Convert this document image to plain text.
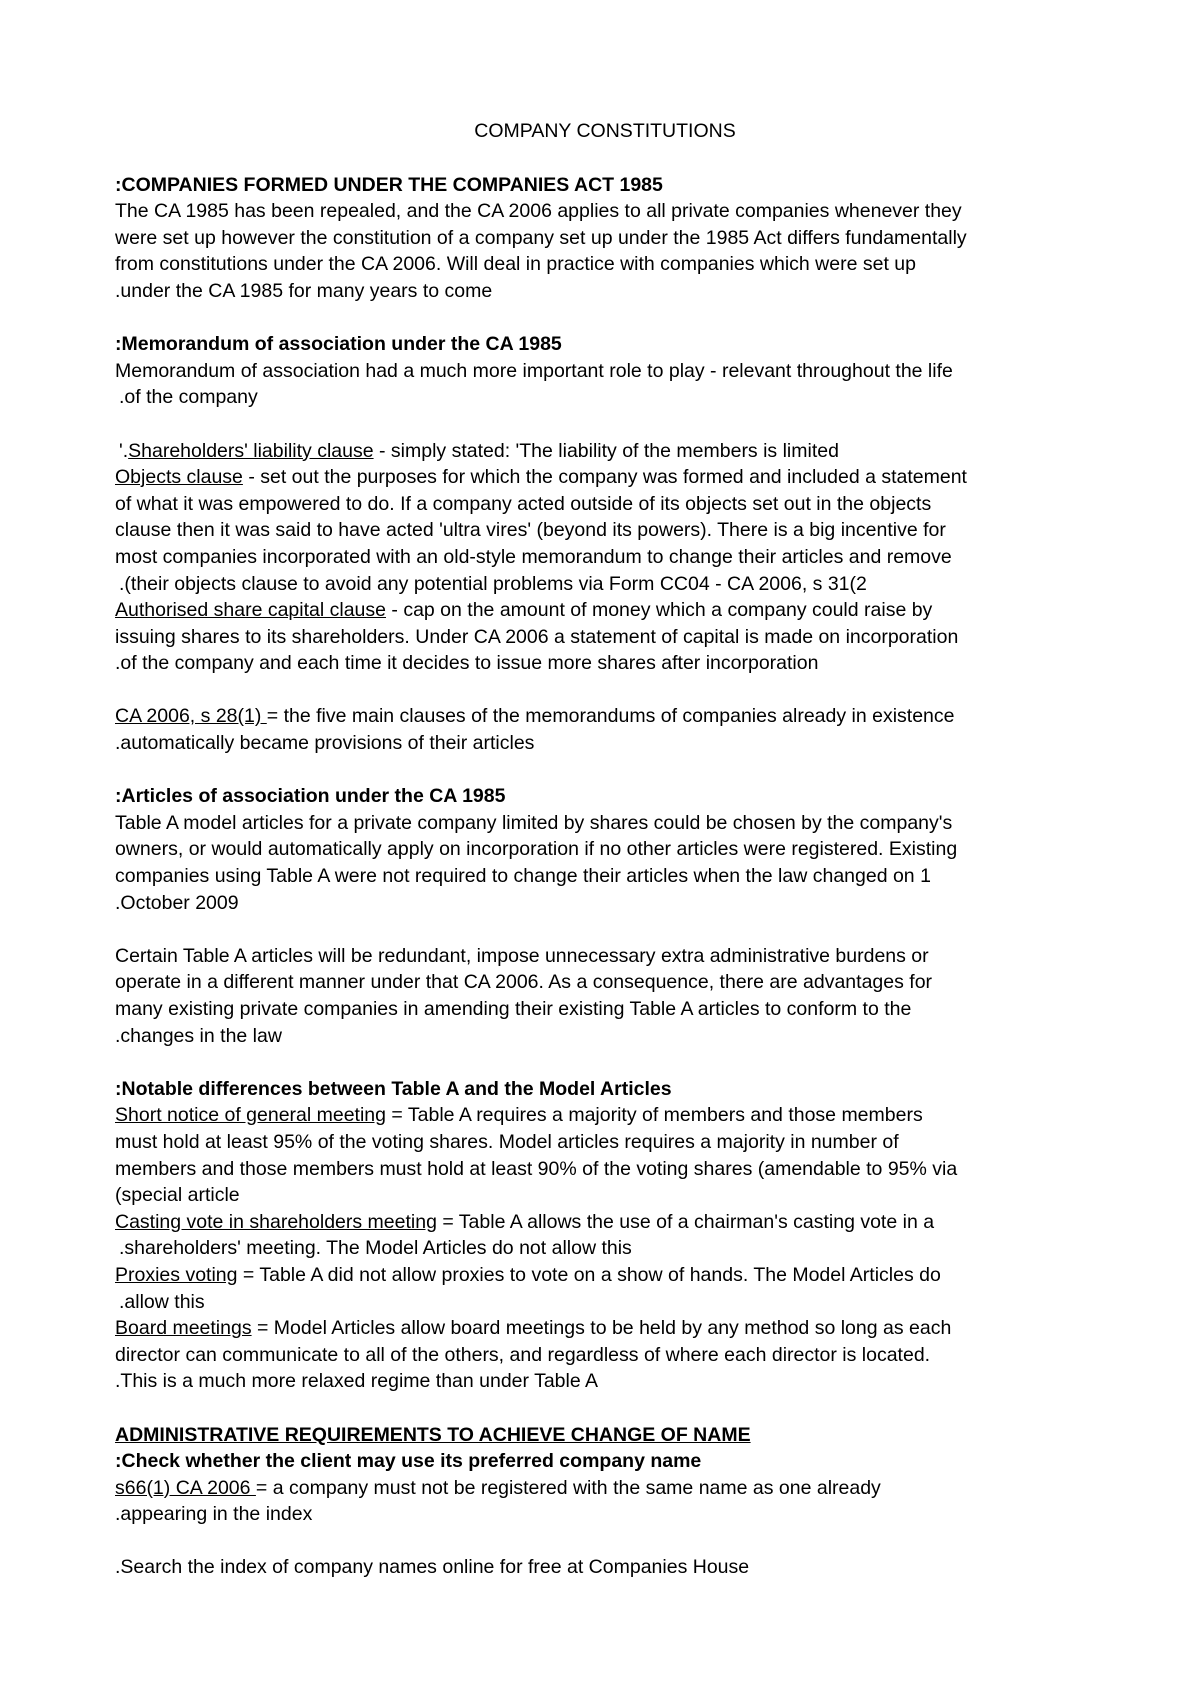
COMPANY CONSTITUTIONS
:COMPANIES FORMED UNDER THE COMPANIES ACT 1985
The CA 1985 has been repealed, and the CA 2006 applies to all private companies whenever they
were set up however the constitution of a company set up under the 1985 Act differs fundamentally
from constitutions under the CA 2006. Will deal in practice with companies which were set up
.under the CA 1985 for many years to come
:Memorandum of association under the CA 1985
Memorandum of association had a much more important role to play - relevant throughout the life
.of the company
'.Shareholders' liability clause - simply stated: 'The liability of the members is limited
Objects clause - set out the purposes for which the company was formed and included a statement
of what it was empowered to do. If a company acted outside of its objects set out in the objects
clause then it was said to have acted 'ultra vires' (beyond its powers). There is a big incentive for
most companies incorporated with an old-style memorandum to change their articles and remove
.(their objects clause to avoid any potential problems via Form CC04 - CA 2006, s 31(2
Authorised share capital clause - cap on the amount of money which a company could raise by
issuing shares to its shareholders. Under CA 2006 a statement of capital is made on incorporation
.of the company and each time it decides to issue more shares after incorporation
CA 2006, s 28(1) = the five main clauses of the memorandums of companies already in existence
.automatically became provisions of their articles
:Articles of association under the CA 1985
Table A model articles for a private company limited by shares could be chosen by the company's
owners, or would automatically apply on incorporation if no other articles were registered. Existing
companies using Table A were not required to change their articles when the law changed on 1
.October 2009
Certain Table A articles will be redundant, impose unnecessary extra administrative burdens or
operate in a different manner under that CA 2006. As a consequence, there are advantages for
many existing private companies in amending their existing Table A articles to conform to the
.changes in the law
:Notable differences between Table A and the Model Articles
Short notice of general meeting = Table A requires a majority of members and those members
must hold at least 95% of the voting shares. Model articles requires a majority in number of
members and those members must hold at least 90% of the voting shares (amendable to 95% via
(special article
Casting vote in shareholders meeting = Table A allows the use of a chairman's casting vote in a
.shareholders' meeting. The Model Articles do not allow this
Proxies voting = Table A did not allow proxies to vote on a show of hands. The Model Articles do
.allow this
Board meetings = Model Articles allow board meetings to be held by any method so long as each
director can communicate to all of the others, and regardless of where each director is located.
.This is a much more relaxed regime than under Table A
ADMINISTRATIVE REQUIREMENTS TO ACHIEVE CHANGE OF NAME
:Check whether the client may use its preferred company name
s66(1) CA 2006 = a company must not be registered with the same name as one already
.appearing in the index
.Search the index of company names online for free at Companies House
